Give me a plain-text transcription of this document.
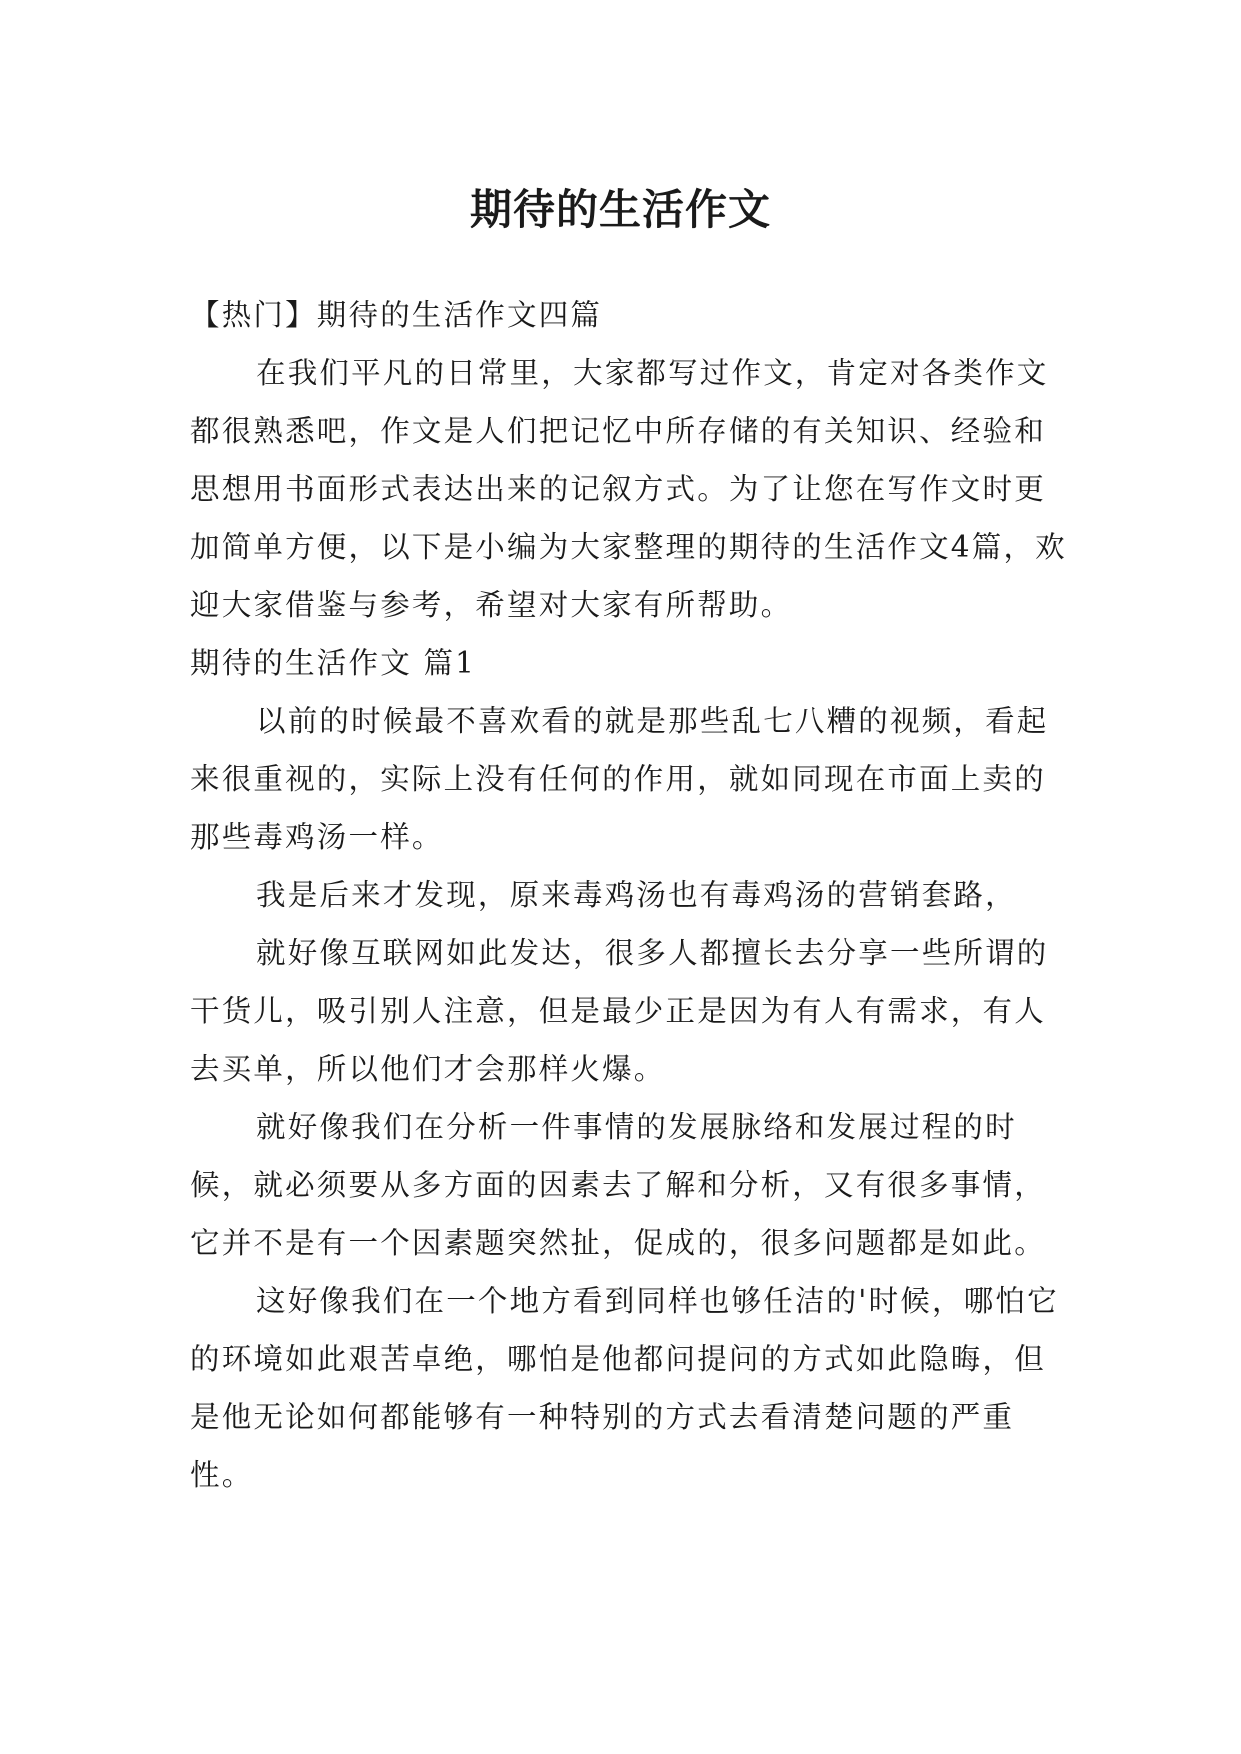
期待的生活作文

【热门】期待的生活作文四篇

在我们平凡的日常里，大家都写过作文，肯定对各类作文都很熟悉吧，作文是人们把记忆中所存储的有关知识、经验和思想用书面形式表达出来的记叙方式。为了让您在写作文时更加简单方便，以下是小编为大家整理的期待的生活作文4篇，欢迎大家借鉴与参考，希望对大家有所帮助。

期待的生活作文 篇1

以前的时候最不喜欢看的就是那些乱七八糟的视频，看起来很重视的，实际上没有任何的作用，就如同现在市面上卖的那些毒鸡汤一样。

我是后来才发现，原来毒鸡汤也有毒鸡汤的营销套路，

就好像互联网如此发达，很多人都擅长去分享一些所谓的干货儿，吸引别人注意，但是最少正是因为有人有需求，有人去买单，所以他们才会那样火爆。

就好像我们在分析一件事情的发展脉络和发展过程的时候，就必须要从多方面的因素去了解和分析，又有很多事情，它并不是有一个因素题突然扯，促成的，很多问题都是如此。

这好像我们在一个地方看到同样也够任洁的'时候，哪怕它的环境如此艰苦卓绝，哪怕是他都问提问的方式如此隐晦，但是他无论如何都能够有一种特别的方式去看清楚问题的严重性。
